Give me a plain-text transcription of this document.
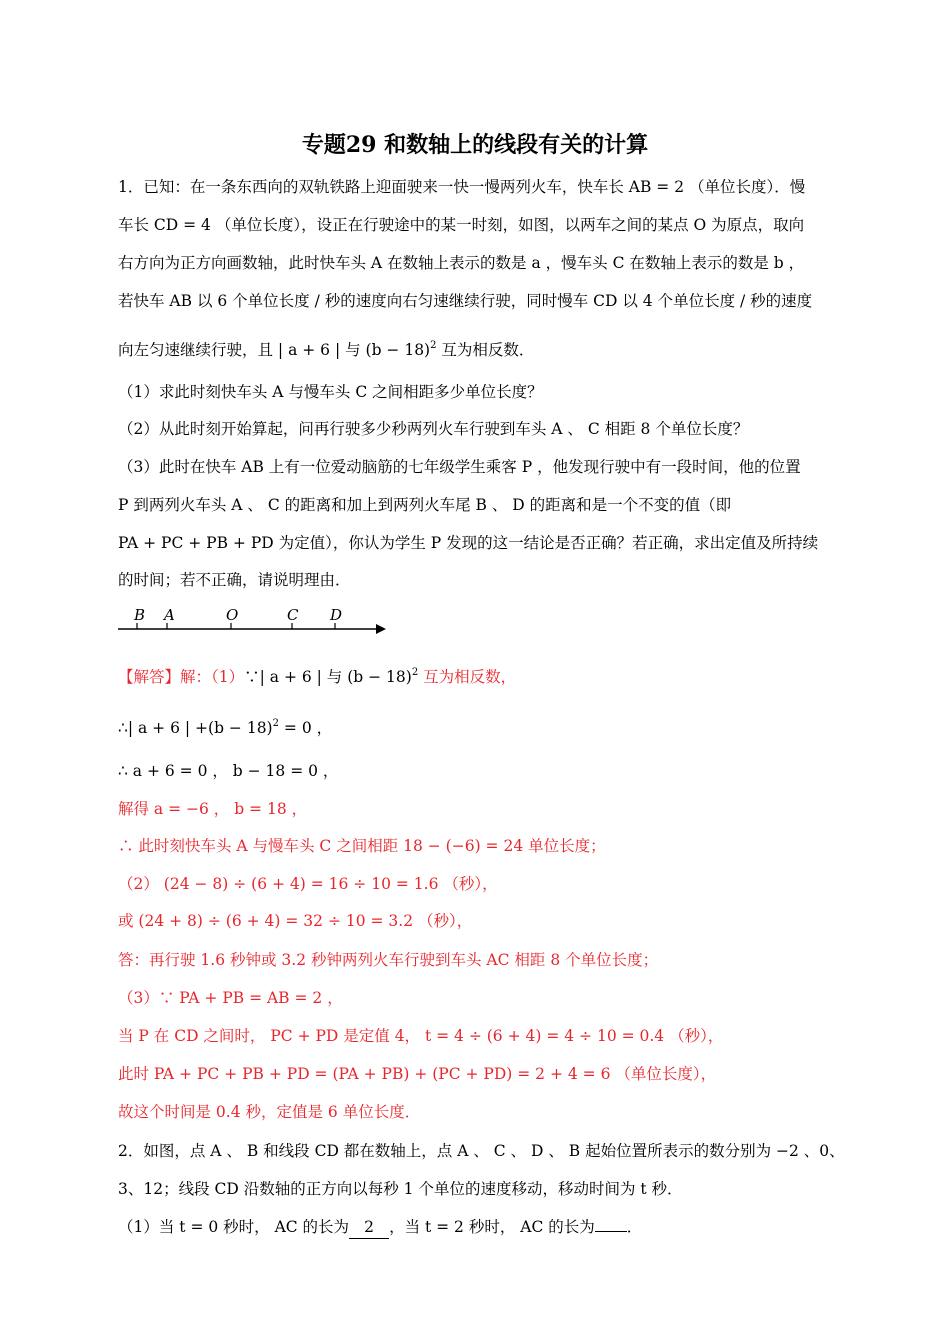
专题29 和数轴上的线段有关的计算
1．已知：在一条东西向的双轨铁路上迎面驶来一快一慢两列火车，快车长 AB = 2 （单位长度）．慢
车长 CD = 4 （单位长度），设正在行驶途中的某一时刻，如图，以两车之间的某点 O 为原点，取向
右方向为正方向画数轴，此时快车头 A 在数轴上表示的数是 a ，慢车头 C 在数轴上表示的数是 b ，
若快车 AB 以 6 个单位长度 / 秒的速度向右匀速继续行驶，同时慢车 CD 以 4 个单位长度 / 秒的速度
向左匀速继续行驶，且 | a + 6 | 与 $(b - 18)^2$ 互为相反数．
（1）求此时刻快车头 A 与慢车头 C 之间相距多少单位长度？
（2）从此时刻开始算起，问再行驶多少秒两列火车行驶到车头 A 、 C 相距 8 个单位长度？
（3）此时在快车 AB 上有一位爱动脑筋的七年级学生乘客 P ，他发现行驶中有一段时间，他的位置
P 到两列火车头 A 、 C 的距离和加上到两列火车尾 B 、 D 的距离和是一个不变的值（即
PA + PC + PB + PD 为定值），你认为学生 P 发现的这一结论是否正确？若正确，求出定值及所持续
的时间；若不正确，请说明理由．
B A	O	C D
【解答】解：（1）∵| a + 6 | 与 $(b - 18)^2$ 互为相反数，
∴| a + 6 | $+(b - 18)^2 = 0$ ，
∴ a + 6 = 0 ， b − 18 = 0 ，
解得 a = −6 ， b = 18 ，
∴ 此时刻快车头 A 与慢车头 C 之间相距 18 − (−6) = 24 单位长度；
（2） (24 − 8) ÷ (6 + 4) = 16 ÷ 10 = 1.6 （秒），
或 (24 + 8) ÷ (6 + 4) = 32 ÷ 10 = 3.2 （秒），
答：再行驶 1.6 秒钟或 3.2 秒钟两列火车行驶到车头 AC 相距 8 个单位长度；
（3）∵ PA + PB = AB = 2 ，
当 P 在 CD 之间时， PC + PD 是定值 4， t = 4 ÷ (6 + 4) = 4 ÷ 10 = 0.4 （秒），
此时 PA + PC + PB + PD = (PA + PB) + (PC + PD) = 2 + 4 = 6 （单位长度），
故这个时间是 0.4 秒，定值是 6 单位长度．
2．如图，点 A 、 B 和线段 CD 都在数轴上，点 A 、 C 、 D 、 B 起始位置所表示的数分别为 −2 、0、
3、12；线段 CD 沿数轴的正方向以每秒 1 个单位的速度移动，移动时间为 t 秒．
（1）当 t = 0 秒时， AC 的长为 2 ，当 t = 2 秒时， AC 的长为 ．
